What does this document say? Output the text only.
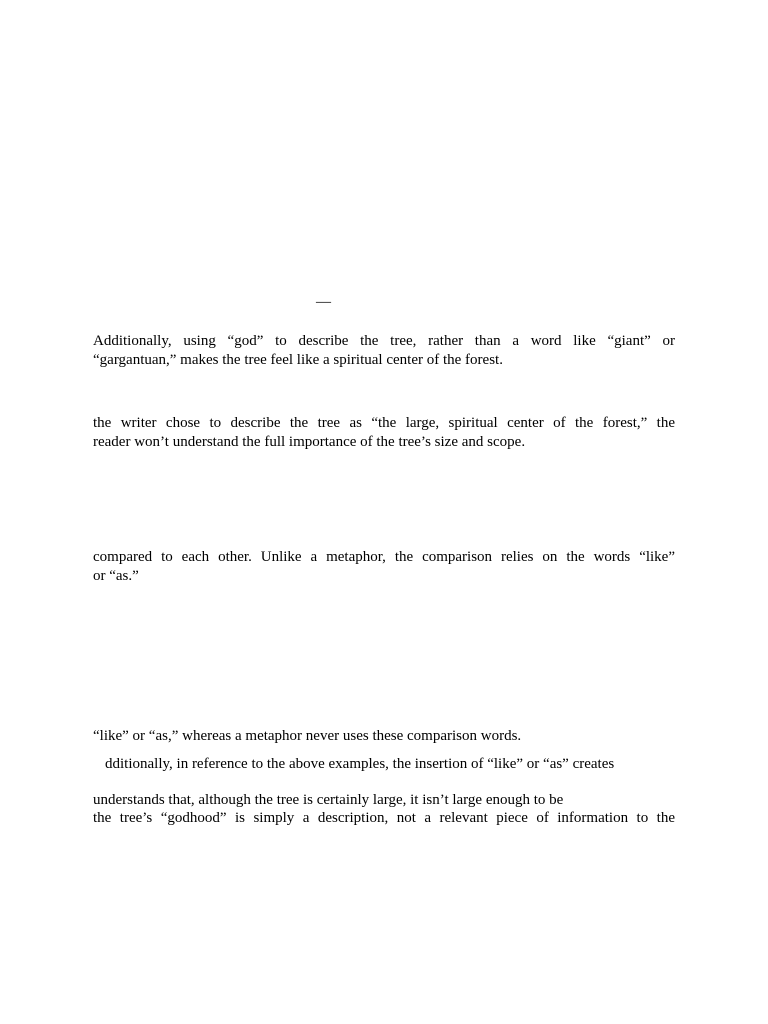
—
Additionally, using “god” to describe the tree, rather than a word like “giant” or
“gargantuan,” makes the tree feel like a spiritual center of the forest.
the writer chose to describe the tree as “the large, spiritual center of the forest,” the
reader won’t understand the full importance of the tree’s size and scope.
compared to each other. Unlike a metaphor, the comparison relies on the words “like”
or “as.”
“like” or “as,” whereas a metaphor never uses these comparison words.
dditionally, in reference to the above examples, the insertion of “like” or “as” creates
understands that, although the tree is certainly large, it isn’t large enough to be
the tree’s “godhood” is simply a description, not a relevant piece of information to the
